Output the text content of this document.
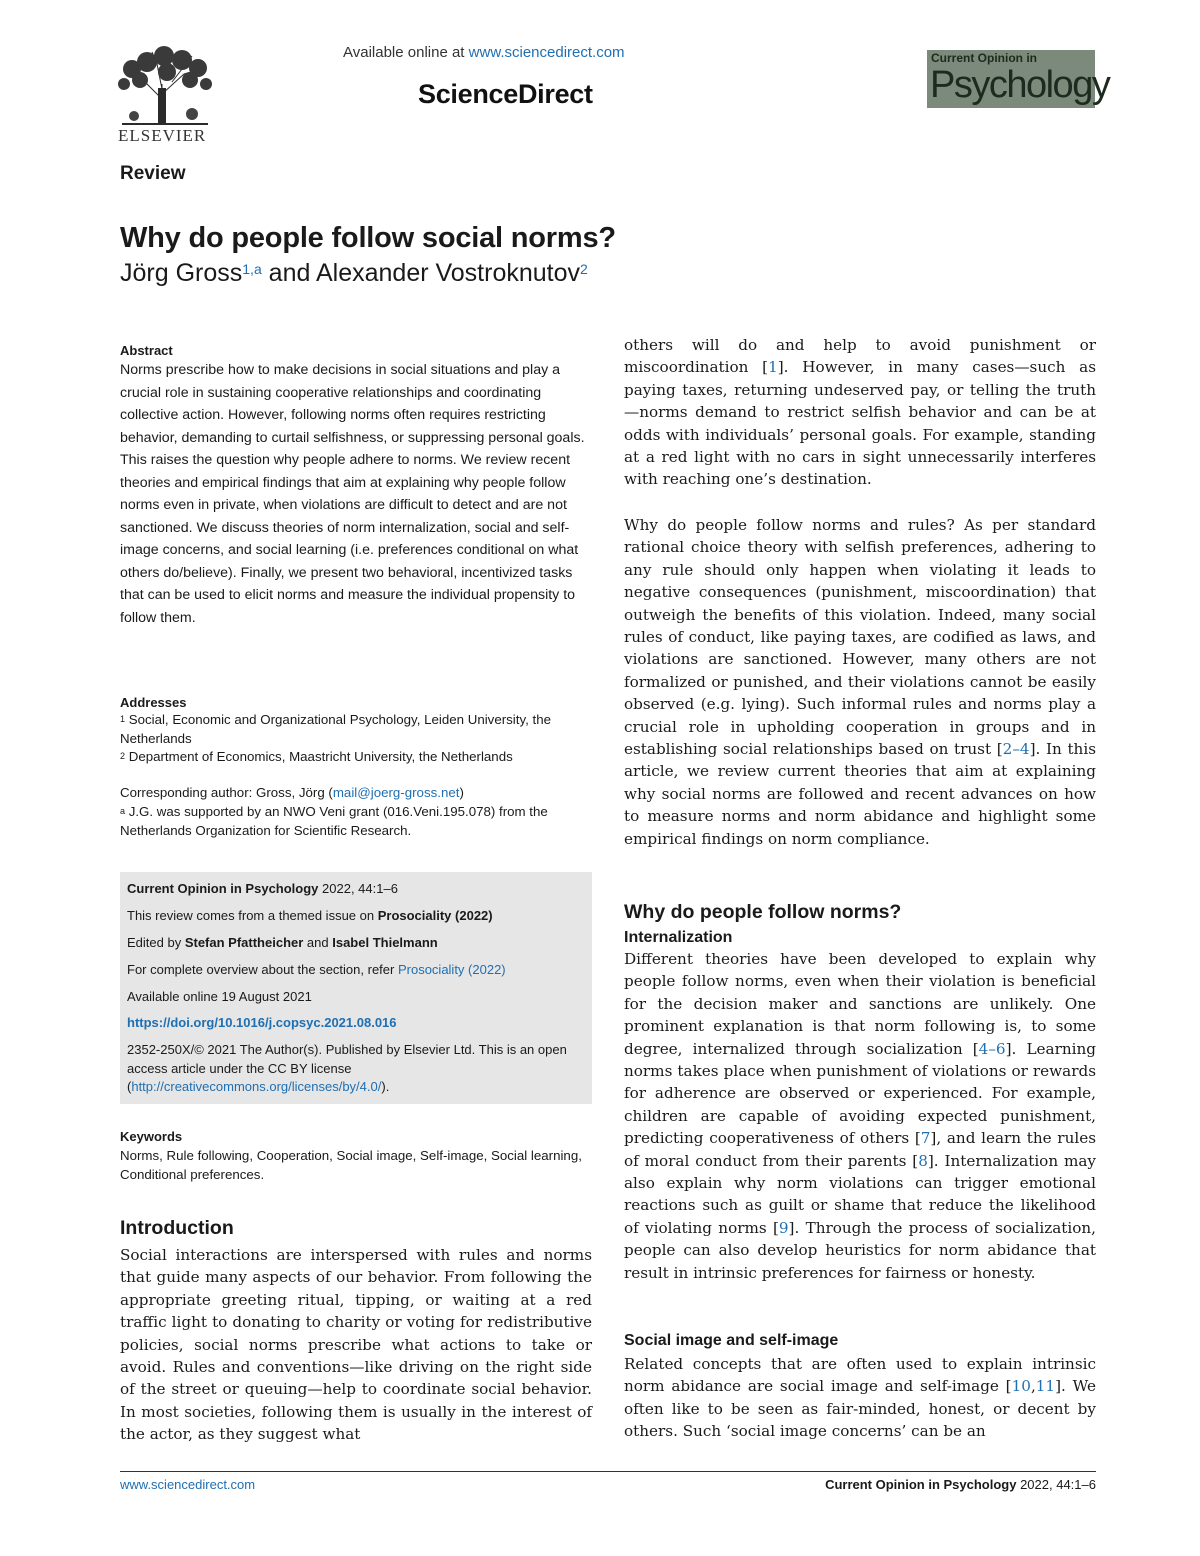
ELSEVIER
Available online at www.sciencedirect.com
ScienceDirect
Current Opinion in
Psychology
Review
Why do people follow social norms?
Jörg Gross$^{1,a}$ and Alexander Vostroknutov$^2$
Abstract

Norms prescribe how to make decisions in social situations and play a crucial role in sustaining cooperative relationships and coordinating collective action. However, following norms often requires restricting behavior, demanding to curtail selfishness, or suppressing personal goals. This raises the question why people adhere to norms. We review recent theories and empirical findings that aim at explaining why people follow norms even in private, when violations are difficult to detect and are not sanctioned. We discuss theories of norm internalization, social and self-image concerns, and social learning (i.e. preferences conditional on what others do/believe). Finally, we present two behavioral, incentivized tasks that can be used to elicit norms and measure the individual propensity to follow them.

Addresses

$^1$ Social, Economic and Organizational Psychology, Leiden University, the Netherlands

$^2$ Department of Economics, Maastricht University, the Netherlands

Corresponding author: Gross, Jörg (mail@joerg-gross.net)

$^a$ J.G. was supported by an NWO Veni grant (016.Veni.195.078) from the Netherlands Organization for Scientific Research.

Current Opinion in Psychology 2022, 44:1–6

This review comes from a themed issue on Prosociality (2022)

Edited by Stefan Pfattheicher and Isabel Thielmann

For complete overview about the section, refer Prosociality (2022)

Available online 19 August 2021

https://doi.org/10.1016/j.copsyc.2021.08.016

2352-250X/© 2021 The Author(s). Published by Elsevier Ltd. This is an open access article under the CC BY license (http://creativecommons.org/licenses/by/4.0/).

Keywords

Norms, Rule following, Cooperation, Social image, Self-image, Social learning, Conditional preferences.

Introduction

Social interactions are interspersed with rules and norms that guide many aspects of our behavior. From following the appropriate greeting ritual, tipping, or waiting at a red traffic light to donating to charity or voting for redistributive policies, social norms prescribe what actions to take or avoid. Rules and conventions—like driving on the right side of the street or queuing—help to coordinate social behavior. In most societies, following them is usually in the interest of the actor, as they suggest what

others will do and help to avoid punishment or miscoordination [1]. However, in many cases—such as paying taxes, returning undeserved pay, or telling the truth—norms demand to restrict selfish behavior and can be at odds with individuals’ personal goals. For example, standing at a red light with no cars in sight unnecessarily interferes with reaching one’s destination.

Why do people follow norms and rules? As per standard rational choice theory with selfish preferences, adhering to any rule should only happen when violating it leads to negative consequences (punishment, miscoordination) that outweigh the benefits of this violation. Indeed, many social rules of conduct, like paying taxes, are codified as laws, and violations are sanctioned. However, many others are not formalized or punished, and their violations cannot be easily observed (e.g. lying). Such informal rules and norms play a crucial role in upholding cooperation in groups and in establishing social relationships based on trust [2–4]. In this article, we review current theories that aim at explaining why social norms are followed and recent advances on how to measure norms and norm abidance and highlight some empirical findings on norm compliance.

Why do people follow norms?
Internalization

Different theories have been developed to explain why people follow norms, even when their violation is beneficial for the decision maker and sanctions are unlikely. One prominent explanation is that norm following is, to some degree, internalized through socialization [4–6]. Learning norms takes place when punishment of violations or rewards for adherence are observed or experienced. For example, children are capable of avoiding expected punishment, predicting cooperativeness of others [7], and learn the rules of moral conduct from their parents [8]. Internalization may also explain why norm violations can trigger emotional reactions such as guilt or shame that reduce the likelihood of violating norms [9]. Through the process of socialization, people can also develop heuristics for norm abidance that result in intrinsic preferences for fairness or honesty.

Social image and self-image

Related concepts that are often used to explain intrinsic norm abidance are social image and self-image [10,11]. We often like to be seen as fair-minded, honest, or decent by others. Such ‘social image concerns’ can be an

www.sciencedirect.com	Current Opinion in Psychology 2022, 44:1–6
